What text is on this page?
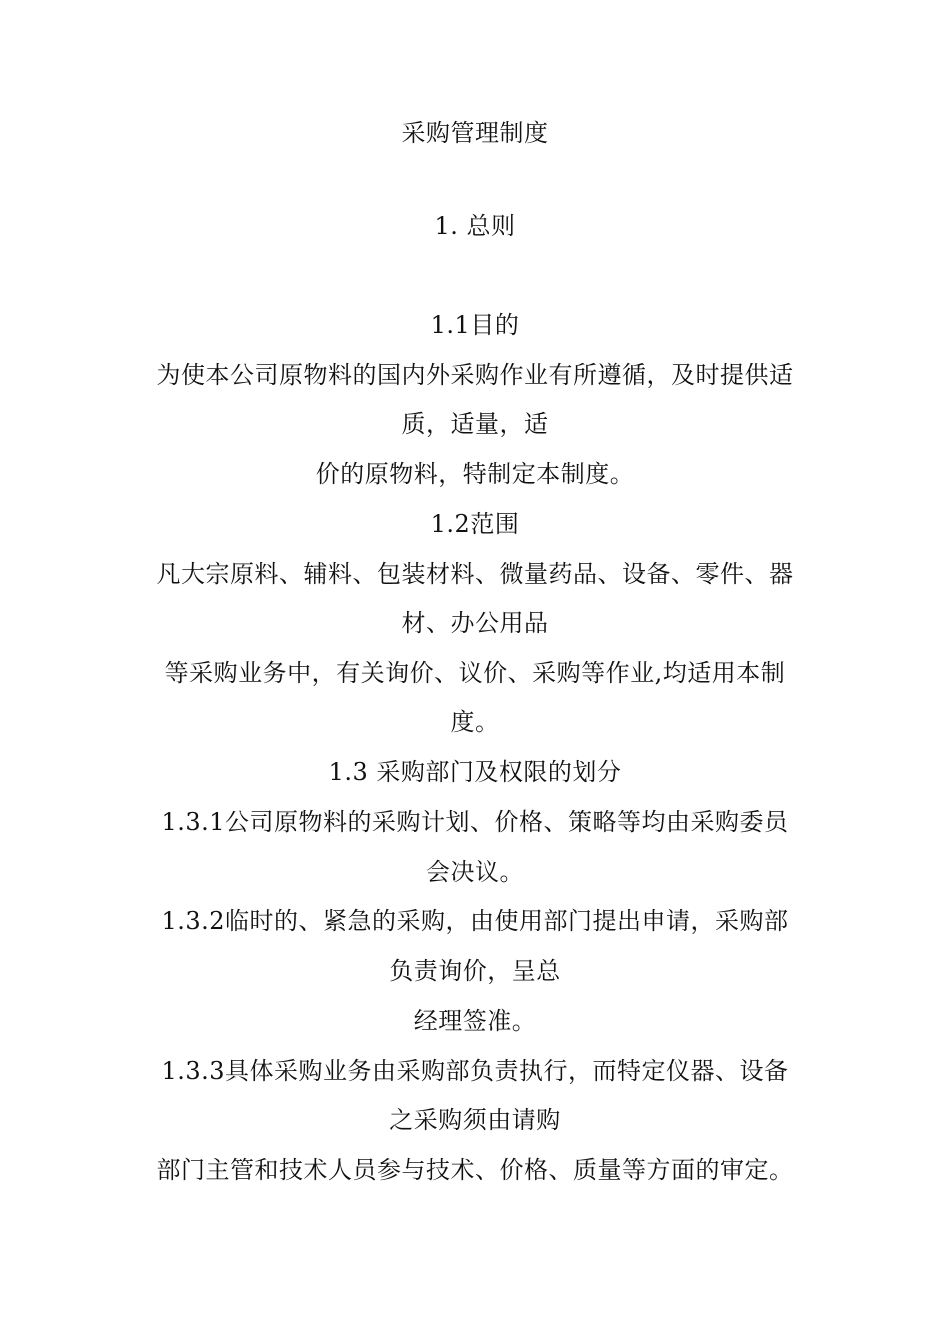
采购管理制度
1. 总则
1.1目的
为使本公司原物料的国内外采购作业有所遵循，及时提供适
质，适量，适
价的原物料，特制定本制度。
1.2范围
凡大宗原料、辅料、包装材料、微量药品、设备、零件、器
材、办公用品
等采购业务中，有关询价、议价、采购等作业,均适用本制
度。
1.3 采购部门及权限的划分
1.3.1公司原物料的采购计划、价格、策略等均由采购委员
会决议。
1.3.2临时的、紧急的采购，由使用部门提出申请，采购部
负责询价，呈总
经理签准。
1.3.3具体采购业务由采购部负责执行，而特定仪器、设备
之采购须由请购
部门主管和技术人员参与技术、价格、质量等方面的审定。
